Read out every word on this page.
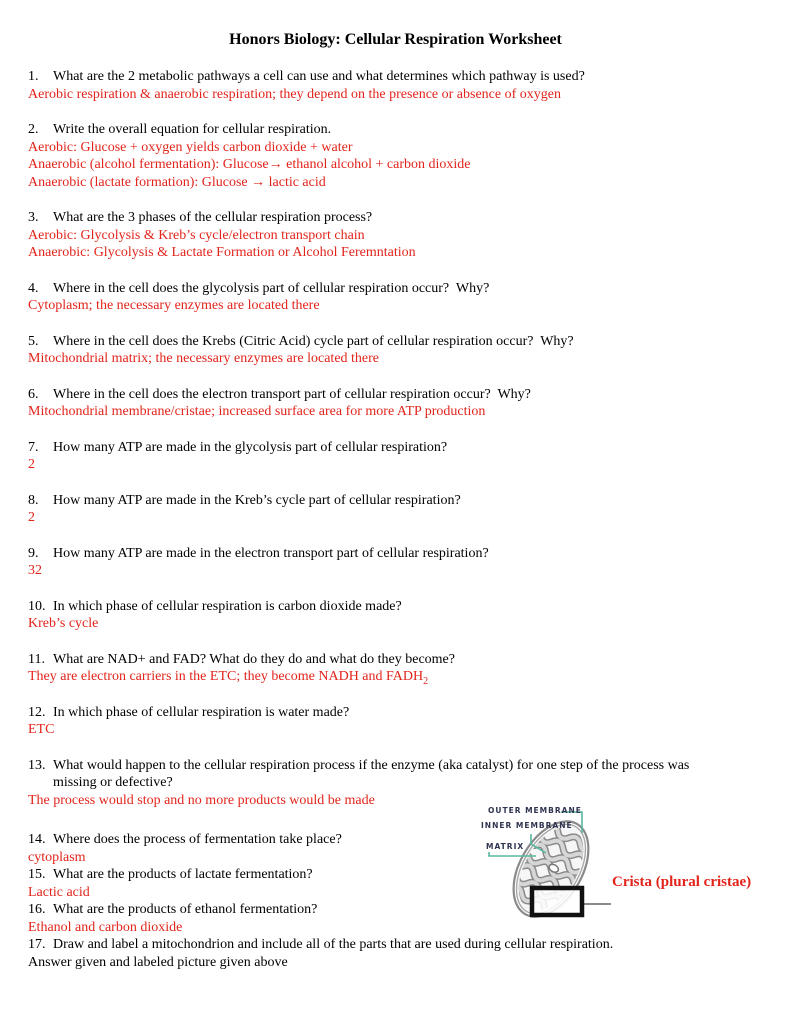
Honors Biology: Cellular Respiration Worksheet

1. What are the 2 metabolic pathways a cell can use and what determines which pathway is used?

Aerobic respiration & anaerobic respiration; they depend on the presence or absence of oxygen

2. Write the overall equation for cellular respiration.

Aerobic: Glucose + oxygen yields carbon dioxide + water

Anaerobic (alcohol fermentation): Glucose→ ethanol alcohol + carbon dioxide

Anaerobic (lactate formation): Glucose → lactic acid

3. What are the 3 phases of the cellular respiration process?

Aerobic: Glycolysis & Kreb’s cycle/electron transport chain

Anaerobic: Glycolysis & Lactate Formation or Alcohol Feremntation

4. Where in the cell does the glycolysis part of cellular respiration occur?  Why?

Cytoplasm; the necessary enzymes are located there

5. Where in the cell does the Krebs (Citric Acid) cycle part of cellular respiration occur?  Why?

Mitochondrial matrix; the necessary enzymes are located there

6. Where in the cell does the electron transport part of cellular respiration occur?  Why?

Mitochondrial membrane/cristae; increased surface area for more ATP production

7. How many ATP are made in the glycolysis part of cellular respiration?

2

8. How many ATP are made in the Kreb’s cycle part of cellular respiration?

2

9. How many ATP are made in the electron transport part of cellular respiration?

32

10. In which phase of cellular respiration is carbon dioxide made?

Kreb’s cycle

11. What are NAD+ and FAD? What do they do and what do they become?

They are electron carriers in the ETC; they become NADH and $FADH_2$

12. In which phase of cellular respiration is water made?

ETC

13. What would happen to the cellular respiration process if the enzyme (aka catalyst) for one step of the process was
missing or defective?

The process would stop and no more products would be made

14. Where does the process of fermentation take place?

cytoplasm

15. What are the products of lactate fermentation?

Lactic acid

16. What are the products of ethanol fermentation?

Ethanol and carbon dioxide

17. Draw and label a mitochondrion and include all of the parts that are used during cellular respiration.

Answer given and labeled picture given above

OUTER MEMBRANE
INNER MEMBRANE
MATRIX
Crista (plural cristae)
